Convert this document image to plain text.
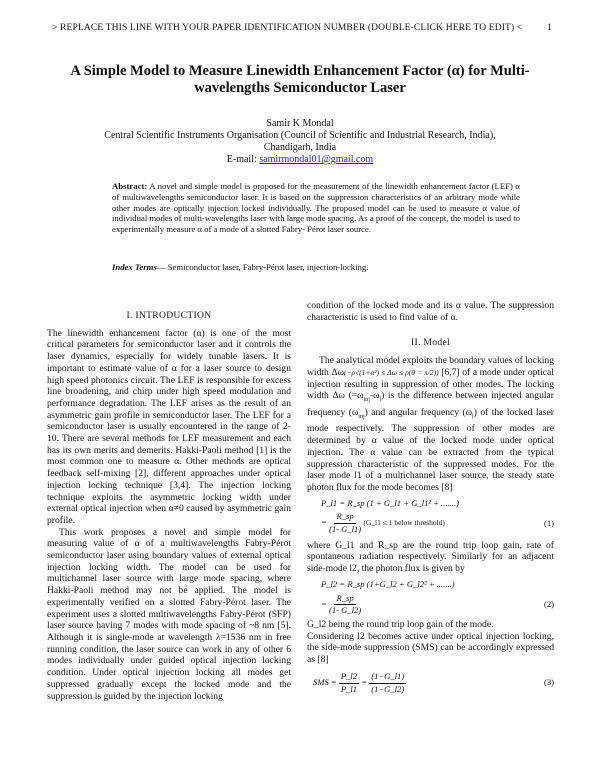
> REPLACE THIS LINE WITH YOUR PAPER IDENTIFICATION NUMBER (DOUBLE-CLICK HERE TO EDIT) <	1
A Simple Model to Measure Linewidth Enhancement Factor (α) for Multi-
wavelengths Semiconductor Laser
Samir K Mondal
Central Scientific Instruments Organisation (Council of Scientific and Industrial Research, India),
Chandigarh, India
E-mail: samirmondal01@gmail.com
Abstract: A novel and simple model is proposed for the measurement of the linewidth enhancement factor (LEF) α of multiwavelengths semiconductor laser. It is based on the suppression characteristics of an arbitrary mode while other modes are optically injection locked individually. The proposed model can be used to measure α value of individual modes of multi-wavelengths laser with large mode spacing. As a proof of the concept, the model is used to experimentally measure α of a mode of a slotted Fabry- Pérot laser source.
Index Terms— Semiconductor laser, Fabry-Pérot laser, injection-locking.
I. INTRODUCTION

The linewidth enhancement factor (α) is one of the most critical parameters for semiconductor laser and it controls the laser dynamics, especially for widely tunable lasers. It is important to estimate value of α for a laser source to design high speed photonics circuit. The LEF is responsible for excess line broadening, and chirp under high speed modulation and performance degradation. The LEF arises as the result of an asymmetric gain profile in semiconductor laser. The LEF for a semiconductor laser is usually encountered in the range of 2-10. There are several methods for LEF measurement and each has its own merits and demerits. Hakki-Paoli method [1] is the most common one to measure α. Other methods are optical feedback self-mixing [2], different approaches under optical injection locking technique [3,4]. The injection locking technique exploits the asymmetric locking width under external optical injection when α≠0 caused by asymmetric gain profile.

This work proposes a novel and simple model for measuring value of α of a multiwavelengths Fabry-Pérot semiconductor laser using boundary values of external optical injection locking width. The model can be used for multichannel laser source with large mode spacing, where Hakki-Paoli method may not be applied. The model is experimentally verified on a slotted Fabry-Pérot laser. The experiment uses a slotted multiwavelengths Fabry-Pérot (SFP) laser source having 7 modes with mode spacing of ~8 nm [5]. Although it is single-mode at wavelength λ=1536 nm in free running condition, the laser source can work in any of other 6 modes individually under guided optical injection locking condition. Under optical injection locking all modes get suppressed gradually except the locked mode and the suppression is guided by the injection locking

condition of the locked mode and its α value. The suppression characteristic is used to find value of α.

II. Model

The analytical model exploits the boundary values of locking width Δω(−ρ√(1+α²) ≤ Δω ≤ ρ(θ = π/2)) [6,7] of a mode under optical injection resulting in suppression of other modes. The locking width Δω $(=\omega_{inj}-\omega_l)$ is the difference between injected angular frequency $(\omega_{inj})$ and angular frequency $(\omega_l)$ of the locked laser mode respectively. The suppression of other modes are determined by α value of the locked mode under optical injection. The α value can be extracted from the typical suppression characteristic of the suppressed modes. For the laser mode l1 of a multichannel laser source, the steady state photon flux for the mode becomes [8]

P_l1 = R_sp (1 + G_l1 + G_l1² + .......)
= $\frac{R\_sp}{(1- G\_l1)}$ (G_l1 ≤ 1 below threshold)	(1)

where G_l1 and R_sp are the round trip loop gain, rate of spontaneous radiation respectively. Similarly for an adjacent side-mode l2, the photon flux is given by

P_l2 = R_sp (1+G_l2 + G_l2² + .......)
= $\frac{R\_sp}{(1- G\_l2)}$	(2)

G_l2 being the round trip loop gain of the mode.

Considering l2 becomes active under optical injection locking, the side-mode suppression (SMS) can be accordingly expressed as [8]

SMS = $\frac{P\_l2}{P\_l1} = \frac{(1-G\_l1)}{(1-G\_l2)}$	(3)
